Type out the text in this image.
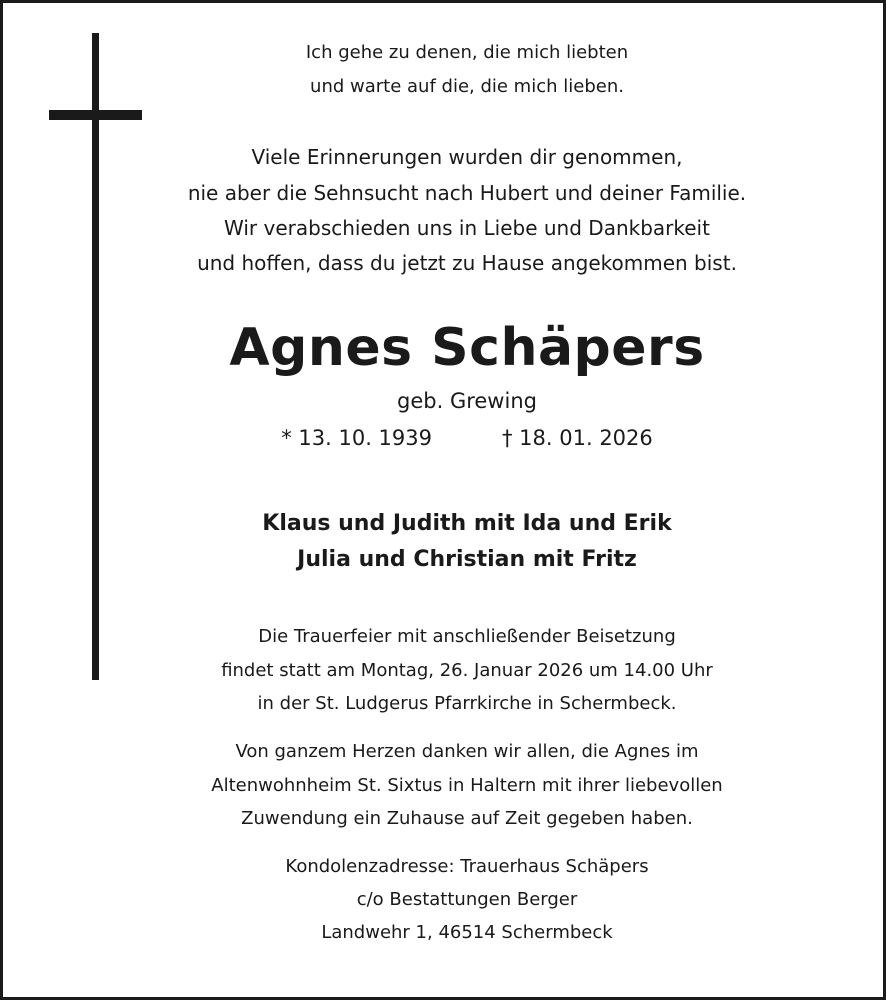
Ich gehe zu denen, die mich liebten
und warte auf die, die mich lieben.
Viele Erinnerungen wurden dir genommen,
nie aber die Sehnsucht nach Hubert und deiner Familie.
Wir verabschieden uns in Liebe und Dankbarkeit
und hoffen, dass du jetzt zu Hause angekommen bist.
Agnes Schäpers
geb. Grewing
* 13. 10. 1939	† 18. 01. 2026
Klaus und Judith mit Ida und Erik
Julia und Christian mit Fritz
Die Trauerfeier mit anschließender Beisetzung
findet statt am Montag, 26. Januar 2026 um 14.00 Uhr
in der St. Ludgerus Pfarrkirche in Schermbeck.
Von ganzem Herzen danken wir allen, die Agnes im
Altenwohnheim St. Sixtus in Haltern mit ihrer liebevollen
Zuwendung ein Zuhause auf Zeit gegeben haben.
Kondolenzadresse: Trauerhaus Schäpers
c/o Bestattungen Berger
Landwehr 1, 46514 Schermbeck
